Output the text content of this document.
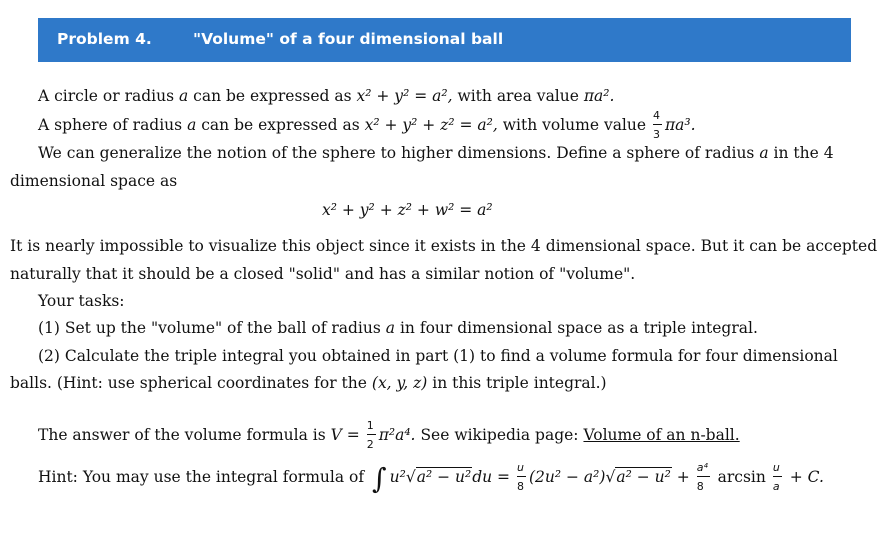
Problem 4.	"Volume" of a four dimensional ball
A circle or radius a can be expressed as x² + y² = a², with area value πa².
A sphere of radius a can be expressed as x² + y² + z² = a², with volume value $\frac{4}{3} \pi a^3$.
We can generalize the notion of the sphere to higher dimensions. Define a sphere of radius a in the 4
dimensional space as
x² + y² + z² + w² = a²
It is nearly impossible to visualize this object since it exists in the 4 dimensional space. But it can be accepted
naturally that it should be a closed "solid" and has a similar notion of "volume".
Your tasks:
(1) Set up the "volume" of the ball of radius a in four dimensional space as a triple integral.
(2) Calculate the triple integral you obtained in part (1) to find a volume formula for four dimensional
balls. (Hint: use spherical coordinates for the (x, y, z) in this triple integral.)
The answer of the volume formula is $V = \frac{1}{2} \pi^2a^4$. See wikipedia page: Volume of an n-ball.
Hint: You may use the integral formula of ∫ $u^2√a^2 - u^2du = \frac{u}{8} (2u^2 - a^2)√a^2 - u^2 + \frac{\text{a⁴}}{8}$ $\arcsin \frac{u}{a} + C$.
